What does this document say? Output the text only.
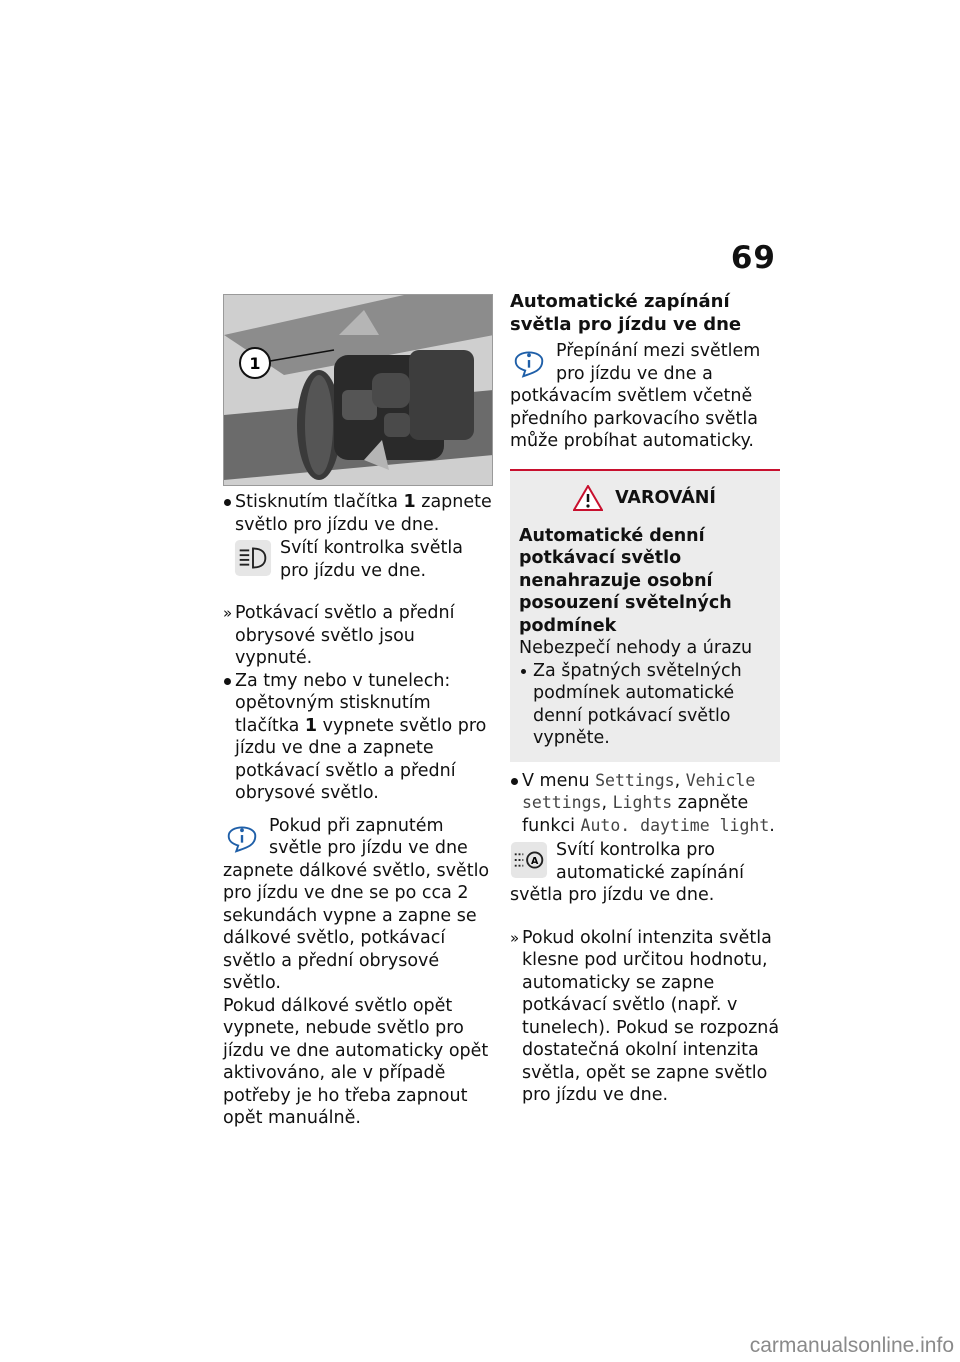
69
1
Stisknutím tlačítka 1 zapnete světlo pro jízdu ve dne.

Svítí kontrolka světla pro jízdu ve dne.

» Potkávací světlo a přední obrysové světlo jsou vypnuté.
Za tmy nebo v tunelech: opětovným stisknutím tlačítka 1 vypnete světlo pro jízdu ve dne a zapnete potkávací světlo a přední obrysové světlo.

Pokud při zapnutém světle pro jízdu ve dne zapnete dálkové světlo, světlo pro jízdu ve dne se po cca 2 sekundách vypne a zapne se dálkové světlo, potkávací světlo a přední obrysové světlo.

Pokud dálkové světlo opět vypnete, nebude světlo pro jízdu ve dne automaticky opět aktivováno, ale v případě potřeby je ho třeba zapnout opět manuálně.

Automatické zapínání světla pro jízdu ve dne

Přepínání mezi světlem pro jízdu ve dne a potkávacím světlem včetně předního parkovacího světla může probíhat automaticky.

VAROVÁNÍ

Automatické denní potkávací světlo nenahrazuje osobní posouzení světelných podmínek

Nebezpečí nehody a úrazu

Za špatných světelných podmínek automatické denní potkávací světlo vypněte.
V menu Settings, Vehicle settings, Lights zapněte funkci Auto. daytime light.
A

Svítí kontrolka pro automatické zapínání světla pro jízdu ve dne.

» Pokud okolní intenzita světla klesne pod určitou hodnotu, automaticky se zapne potkávací světlo (např. v tunelech). Pokud se rozpozná dostatečná okolní intenzita světla, opět se zapne světlo pro jízdu ve dne.
carmanualsonline.info
